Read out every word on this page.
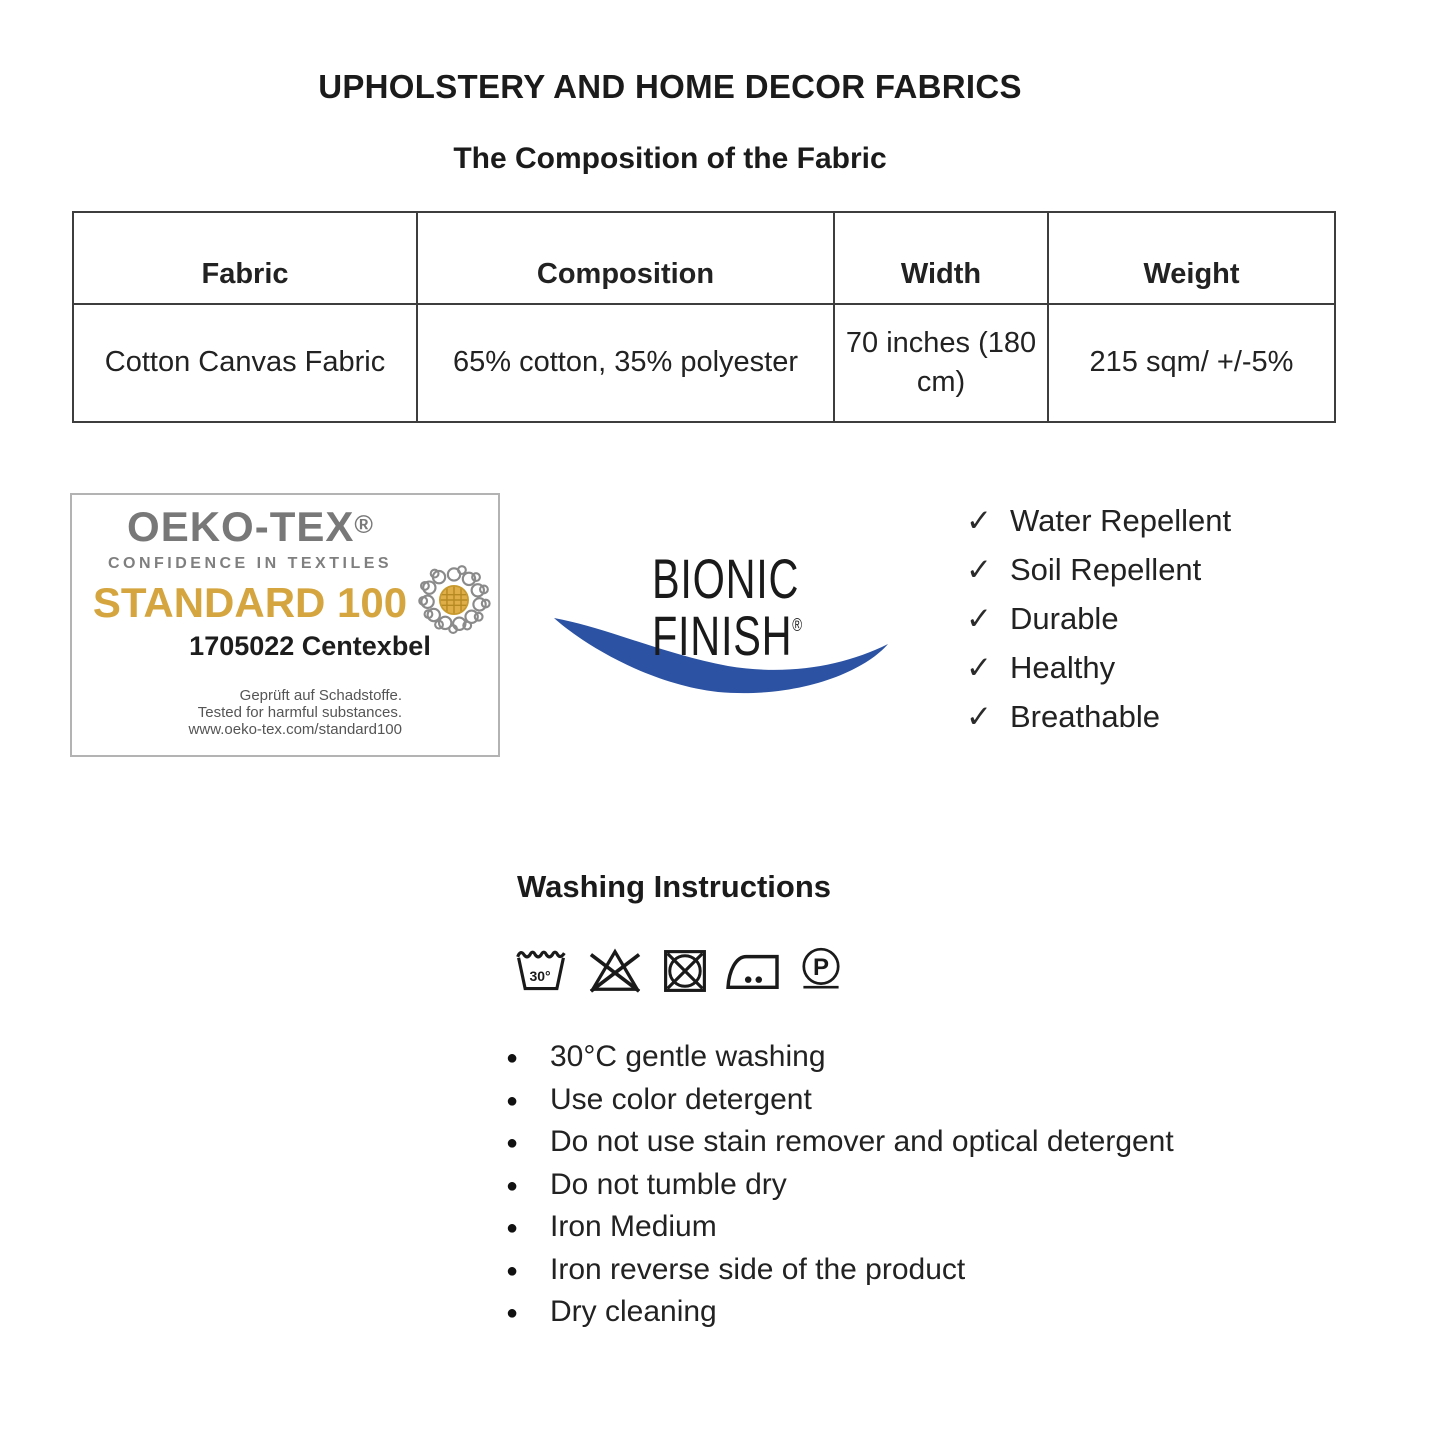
UPHOLSTERY AND HOME DECOR FABRICS
The Composition of the Fabric
Fabric	Composition	Width	Weight
Cotton Canvas Fabric	65% cotton, 35% polyester	70 inches (180 cm)	215 sqm/ +/-5%
OEKO-TEX®
CONFIDENCE IN TEXTILES
STANDARD 100
1705022 Centexbel
Geprüft auf Schadstoffe.
Tested for harmful substances.
www.oeko-tex.com/standard100
BIONIC
FINISH®
✓ Water Repellent
✓ Soil Repellent
✓ Durable
✓ Healthy
✓ Breathable
Washing Instructions
30°	P
●	30°C gentle washing
●	Use color detergent
●	Do not use stain remover and optical detergent
●	Do not tumble dry
●	Iron Medium
●	Iron reverse side of the product
●	Dry cleaning
